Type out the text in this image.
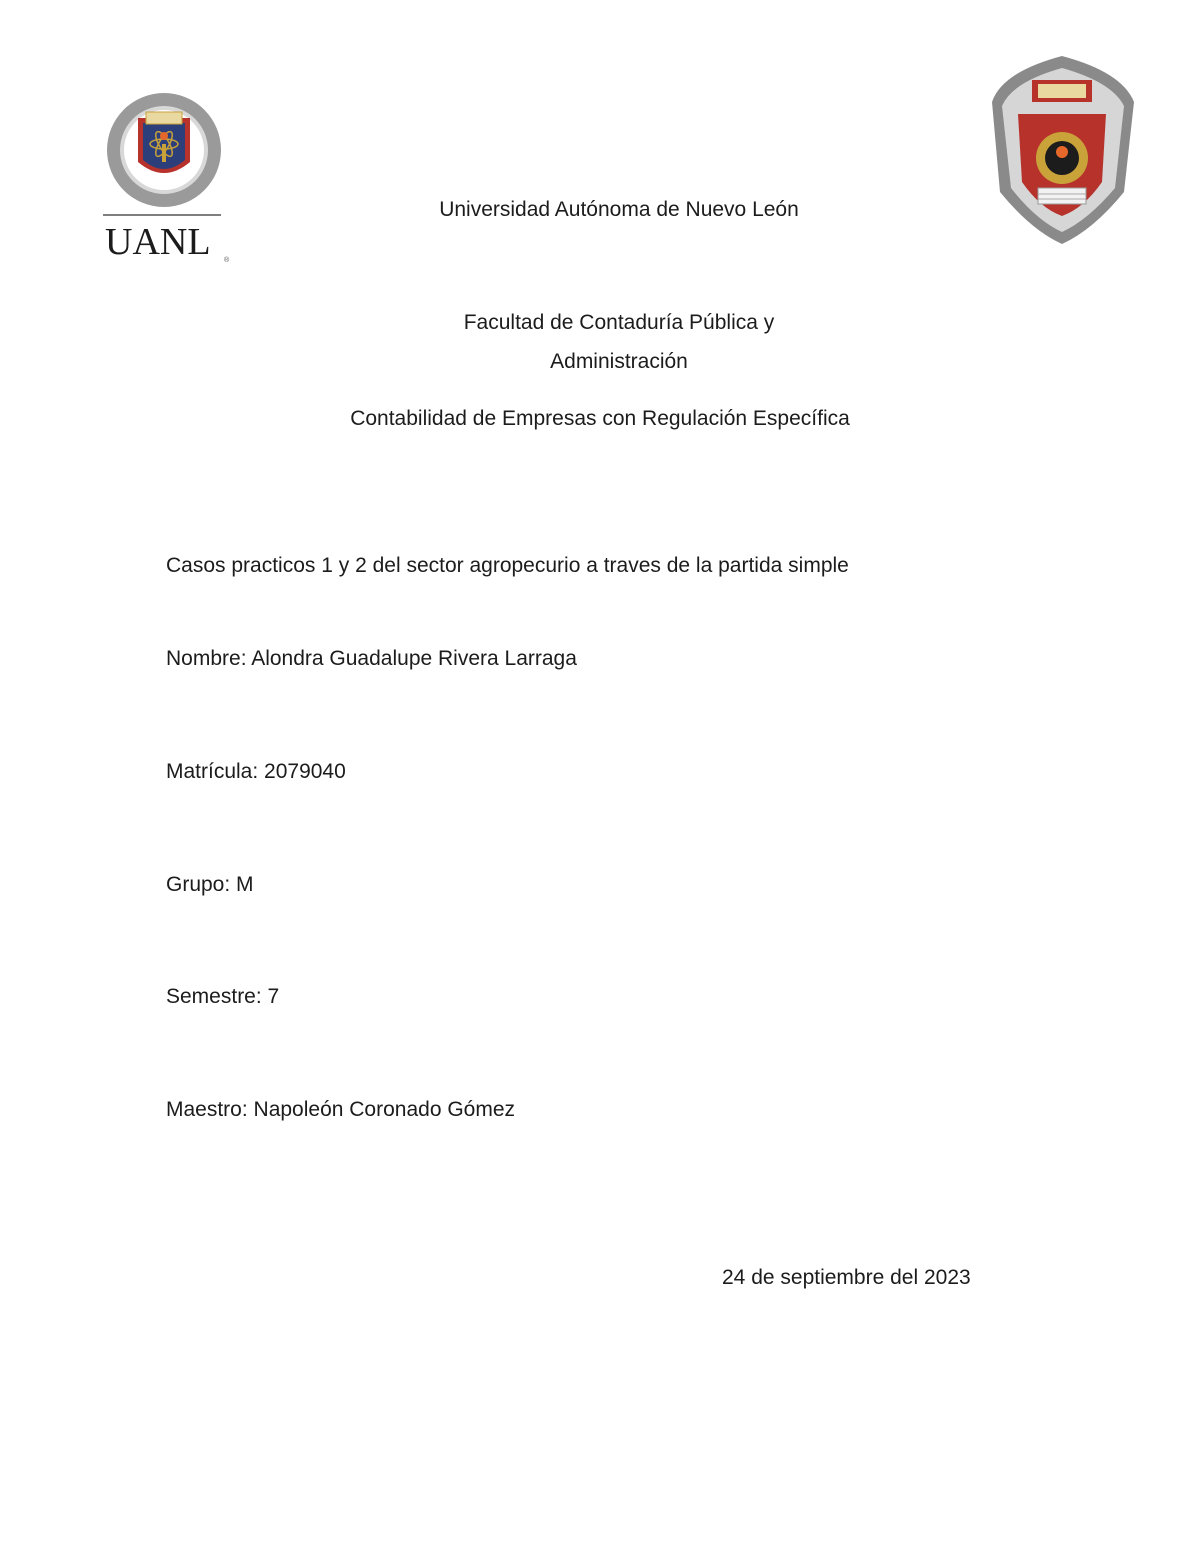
UANL ®
Universidad Autónoma de Nuevo León
Facultad de Contaduría Pública y
Administración
Contabilidad de Empresas con Regulación Específica
Casos practicos 1 y 2 del sector agropecurio a traves de la partida simple
Nombre: Alondra Guadalupe Rivera Larraga
Matrícula: 2079040
Grupo: M
Semestre: 7
Maestro: Napoleón Coronado Gómez
24 de septiembre del 2023
